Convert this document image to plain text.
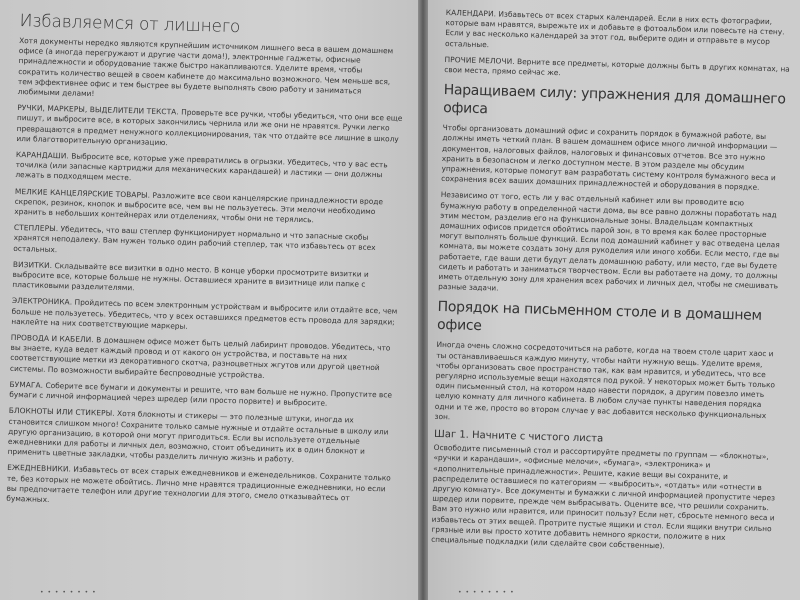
Избавляемся от лишнего

Хотя документы нередко являются крупнейшим источником лишнего веса в вашем домашнем офисе (а иногда перегружают и другие части дома!), электронные гаджеты, офисные принадлежности и оборудование также быстро накапливаются. Уделите время, чтобы сократить количество вещей в своем кабинете до максимально возможного. Чем меньше вся, тем эффективнее офис и тем быстрее вы будете выполнять свою работу и заниматься любимыми делами!

РУЧКИ, МАРКЕРЫ, ВЫДЕЛИТЕЛИ ТЕКСТА. Проверьте все ручки, чтобы убедиться, что они все еще пишут, и выбросите все, в которых закончились чернила или же они не нравятся. Ручки легко превращаются в предмет ненужного коллекционирования, так что отдайте все лишние в школу или благотворительную организацию.

КАРАНДАШИ. Выбросите все, которые уже превратились в огрызки. Убедитесь, что у вас есть точилка (или запасные картриджи для механических карандашей) и ластики — они должны лежать в подходящем месте.

МЕЛКИЕ КАНЦЕЛЯРСКИЕ ТОВАРЫ. Разложите все свои канцелярские принадлежности вроде скрепок, резинок, кнопок и выбросите все, чем вы не пользуетесь. Эти мелочи необходимо хранить в небольших контейнерах или отделениях, чтобы они не терялись.

СТЕПЛЕРЫ. Убедитесь, что ваш степлер функционирует нормально и что запасные скобы хранятся неподалеку. Вам нужен только один рабочий степлер, так что избавьтесь от всех остальных.

ВИЗИТКИ. Складывайте все визитки в одно место. В конце уборки просмотрите визитки и выбросите все, которые больше не нужны. Оставшиеся храните в визитнице или папке с пластиковыми разделителями.

ЭЛЕКТРОНИКА. Пройдитесь по всем электронным устройствам и выбросите или отдайте все, чем больше не пользуетесь. Убедитесь, что у всех оставшихся предметов есть провода для зарядки; наклейте на них соответствующие маркеры.

ПРОВОДА И КАБЕЛИ. В домашнем офисе может быть целый лабиринт проводов. Убедитесь, что вы знаете, куда ведет каждый провод и от какого он устройства, и поставьте на них соответствующие метки из декоративного скотча, разноцветных жгутов или другой цветной системы. По возможности выбирайте беспроводные устройства.

БУМАГА. Соберите все бумаги и документы и решите, что вам больше не нужно. Пропустите все бумаги с личной информацией через шредер (или просто порвите) и выбросите.

БЛОКНОТЫ ИЛИ СТИКЕРЫ. Хотя блокноты и стикеры — это полезные штуки, иногда их становится слишком много! Сохраните только самые нужные и отдайте остальные в школу или другую организацию, в которой они могут пригодиться. Если вы используете отдельные ежедневники для работы и личных дел, возможно, стоит объединить их в один блокнот и применить цветные закладки, чтобы разделить личную жизнь и работу.

ЕЖЕДНЕВНИКИ. Избавьтесь от всех старых ежедневников и еженедельников. Сохраните только те, без которых не можете обойтись. Лично мне нравятся традиционные ежедневники, но если вы предпочитаете телефон или другие технологии для этого, смело отказывайтесь от бумажных.

• • • • • • • •

КАЛЕНДАРИ. Избавьтесь от всех старых календарей. Если в них есть фотографии, которые вам нравятся, вырежьте их и добавьте в фотоальбом или повесьте на стену. Если у вас несколько календарей за этот год, выберите один и отправьте в мусор остальные.

ПРОЧИЕ МЕЛОЧИ. Верните все предметы, которые должны быть в других комнатах, на свои места, прямо сейчас же.

Наращиваем силу: упражнения для домашнего офиса

Чтобы организовать домашний офис и сохранить порядок в бумажной работе, вы должны иметь четкий план. В вашем домашнем офисе много личной информации — документов, налоговых файлов, налоговых и финансовых отчетов. Все это нужно хранить в безопасном и легко доступном месте. В этом разделе мы обсудим упражнения, которые помогут вам разработать систему контроля бумажного веса и сохранения всех ваших домашних принадлежностей и оборудования в порядке.

Независимо от того, есть ли у вас отдельный кабинет или вы проводите всю бумажную работу в определенной части дома, вы все равно должны поработать над этим местом, разделив его на функциональные зоны. Владельцам компактных домашних офисов придется обойтись парой зон, в то время как более просторные могут выполнять больше функций. Если под домашний кабинет у вас отведена целая комната, вы можете создать зону для рукоделия или иного хобби. Если место, где вы работаете, где ваши дети будут делать домашнюю работу, или место, где вы будете сидеть и работать и заниматься творчеством. Если вы работаете на дому, то должны иметь отдельную зону для хранения всех рабочих и личных дел, чтобы не смешивать разные задачи.

Порядок на письменном столе и в домашнем офисе

Иногда очень сложно сосредоточиться на работе, когда на твоем столе царит хаос и ты останавливаешься каждую минуту, чтобы найти нужную вещь. Уделите время, чтобы организовать свое пространство так, как вам нравится, и убедитесь, что все регулярно используемые вещи находятся под рукой. У некоторых может быть только один письменный стол, на котором надо навести порядок, а другим повезло иметь целую комнату для личного кабинета. В любом случае пункты наведения порядка одни и те же, просто во втором случае у вас добавится несколько функциональных зон.

Шаг 1. Начните с чистого листа

Освободите письменный стол и рассортируйте предметы по группам — «блокноты», «ручки и карандаши», «офисные мелочи», «бумага», «электроника» и «дополнительные принадлежности». Решите, какие вещи вы сохраните, и распределите оставшиеся по категориям — «выбросить», «отдать» или «отнести в другую комнату». Все документы и бумажки с личной информацией пропустите через шредер или порвите, прежде чем выбрасывать. Оцените все, что решили сохранить. Вам это нужно или нравится, или приносит пользу? Если нет, сбросьте немного веса и избавьтесь от этих вещей. Протрите пустые ящики и стол. Если ящики внутри сильно грязные или вы просто хотите добавить немного яркости, положите в них специальные подкладки (или сделайте свои собственные).

• • • • • • • •
